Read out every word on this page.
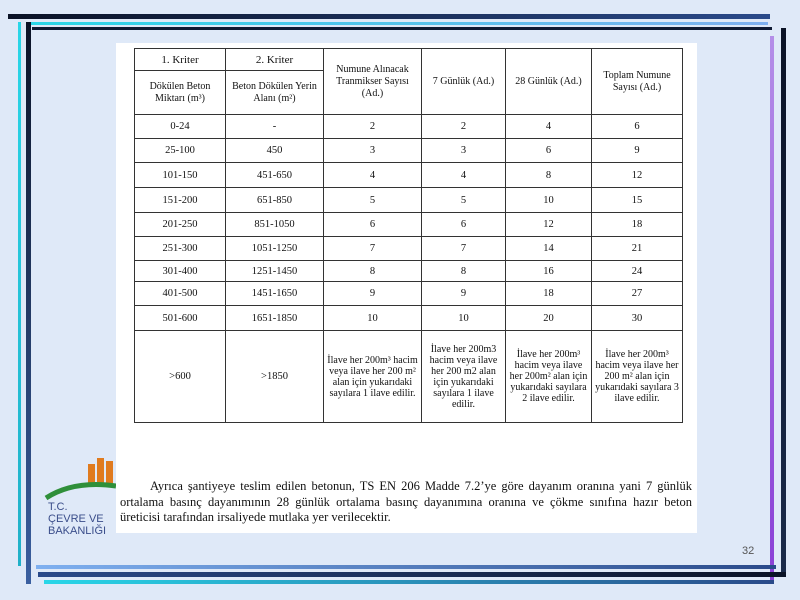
T.C.
ÇEVRE VE
BAKANLIĞI
32
1. Kriter	2. Kriter	Numune Alınacak Tranmikser Sayısı (Ad.)	7 Günlük (Ad.)	28 Günlük (Ad.)	Toplam Numune Sayısı (Ad.)
Dökülen Beton Miktarı (m³)	Beton Dökülen Yerin Alanı (m²)				
0-24	-	2	2	4	6
25-100	450	3	3	6	9
101-150	451-650	4	4	8	12
151-200	651-850	5	5	10	15
201-250	851-1050	6	6	12	18
251-300	1051-1250	7	7	14	21
301-400	1251-1450	8	8	16	24
401-500	1451-1650	9	9	18	27
501-600	1651-1850	10	10	20	30
>600	>1850	İlave her 200m³ hacim veya ilave her 200 m² alan için yukarıdaki sayılara 1 ilave edilir.	İlave her 200m3 hacim veya ilave her 200 m2 alan için yukarıdaki sayılara 1 ilave edilir.	İlave her 200m³ hacim veya ilave her 200m² alan için yukarıdaki sayılara 2 ilave edilir.	İlave her 200m³ hacim veya ilave her 200 m² alan için yukarıdaki sayılara 3 ilave edilir.
Ayrıca şantiyeye teslim edilen betonun, TS EN 206 Madde 7.2’ye göre dayanım oranına yani 7 günlük ortalama basınç dayanımının 28 günlük ortalama basınç dayanımına oranına ve çökme sınıfına hazır beton üreticisi tarafından irsaliyede mutlaka yer verilecektir.
